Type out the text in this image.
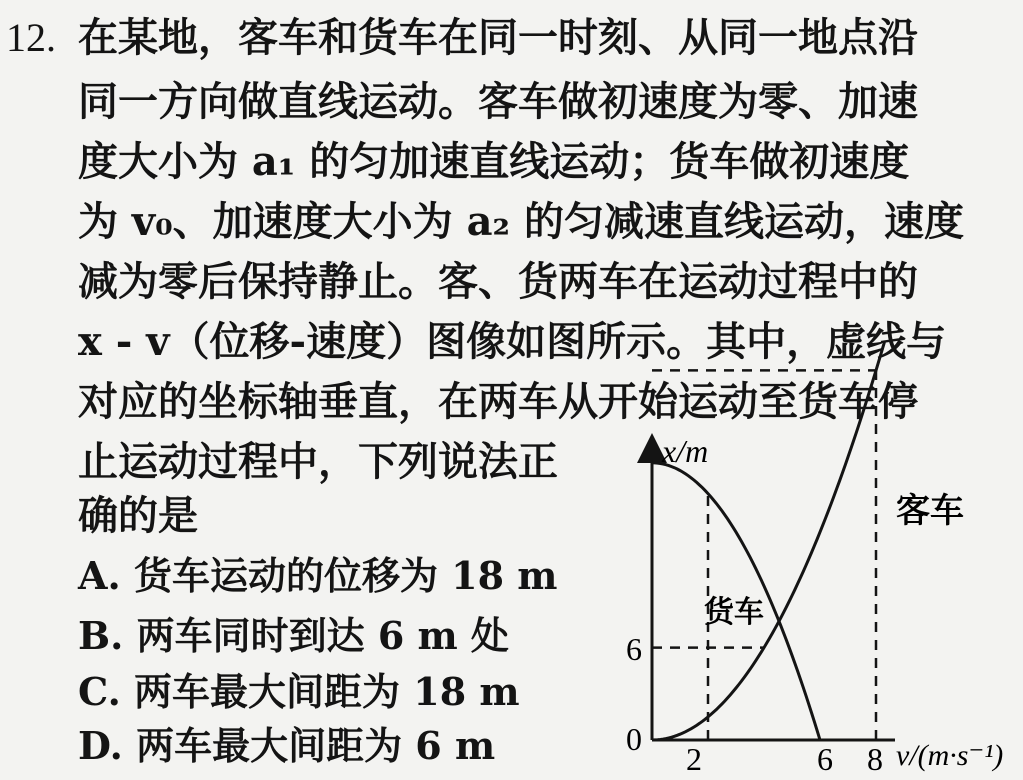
12. 在某地，客车和货车在同一时刻、从同一地点沿
同一方向做直线运动。客车做初速度为零、加速
度大小为 a₁ 的匀加速直线运动；货车做初速度
为 v₀、加速度大小为 a₂ 的匀减速直线运动，速度
减为零后保持静止。客、货两车在运动过程中的
x - v（位移-速度）图像如图所示。其中，虚线与
对应的坐标轴垂直，在两车从开始运动至货车停
止运动过程中，下列说法正
确的是
A. 货车运动的位移为 18 m
B. 两车同时到达 6 m 处
C. 两车最大间距为 18 m
D. 两车最大间距为 6 m
x/m
v/(m·s⁻¹)
0
2	6 8
6
客车
货车
